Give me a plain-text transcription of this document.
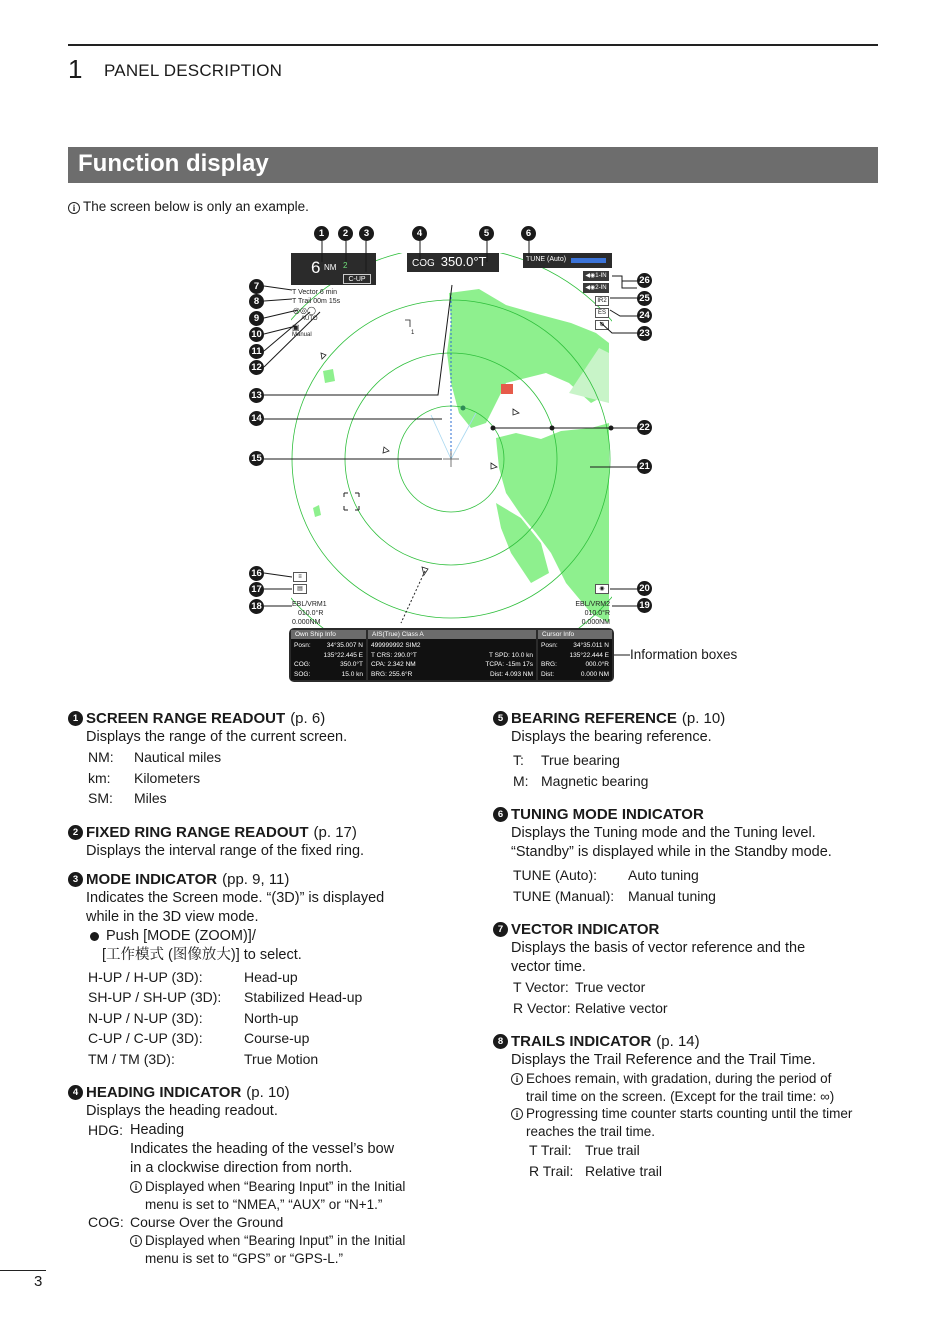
1 PANEL DESCRIPTION
Function display
i The screen below is only an example.
6 NM 2
C-UP
COG 350.0°T	TUNE (Auto)
T Vector 6 min
T Trail 00m 15s
◎◎◯
AUTO
▣
Manual	1
◀◉1-IN
◀◉2-IN
IR2
ES
⊕
≡
▤	◉
EBL/VRM1
010.0°R
0.000NM
EBL/VRM2
010.0°R
0.000NM
Own Ship Info
Posn: 34°35.007 N
135°22.445 E
COG:	350.0°T
SOG:	15.0 kn
AIS(True) Class A
499999992 SIM2
T CRS: 290.0°T	T SPD: 10.0 kn
CPA: 2.342 NM	TCPA: -15m 17s
BRG: 255.6°R	Dist: 4.093 NM
Cursor Info
Posn: 34°35.011 N
135°22.444 E
BRG:	000.0°R
Dist:	0.000 NM
Information boxes
1	2	3	4	5	6
7
8
9
10
11
12
13
14
15
16
17
18	19
20
21
22
23
24
25
26
1 SCREEN RANGE READOUT (p. 6)
Displays the range of the current screen.
NM:	Nautical miles
km:	Kilometers
SM:	Miles
2 FIXED RING RANGE READOUT (p. 17)
Displays the interval range of the fixed ring.
3 MODE INDICATOR (pp. 9, 11)
Indicates the Screen mode. “(3D)” is displayed
while in the 3D view mode.
Push [MODE (ZOOM)]/
[工作模式 (图像放大)] to select.
H-UP / H-UP (3D):	Head-up
SH-UP / SH-UP (3D):	Stabilized Head-up
N-UP / N-UP (3D):	North-up
C-UP / C-UP (3D):	Course-up
TM / TM (3D):	True Motion
4 HEADING INDICATOR (p. 10)
Displays the heading readout.
HDG: Heading
Indicates the heading of the vessel’s bow
in a clockwise direction from north.
i Displayed when “Bearing Input” in the Initial
menu is set to “NMEA,” “AUX” or “N+1.”
COG: Course Over the Ground
i Displayed when “Bearing Input” in the Initial
menu is set to “GPS” or “GPS-L.”
5 BEARING REFERENCE (p. 10)
Displays the bearing reference.
T:	True bearing
M: Magnetic bearing
6 TUNING MODE INDICATOR
Displays the Tuning mode and the Tuning level.
“Standby” is displayed while in the Standby mode.
TUNE (Auto):	Auto tuning
TUNE (Manual): Manual tuning
7 VECTOR INDICATOR
Displays the basis of vector reference and the
vector time.
T Vector: True vector
R Vector: Relative vector
8 TRAILS INDICATOR (p. 14)
Displays the Trail Reference and the Trail Time.
i Echoes remain, with gradation, during the period of
trail time on the screen. (Except for the trail time: ∞)
i Progressing time counter starts counting until the timer
reaches the trail time.
T Trail: True trail
R Trail: Relative trail
3
